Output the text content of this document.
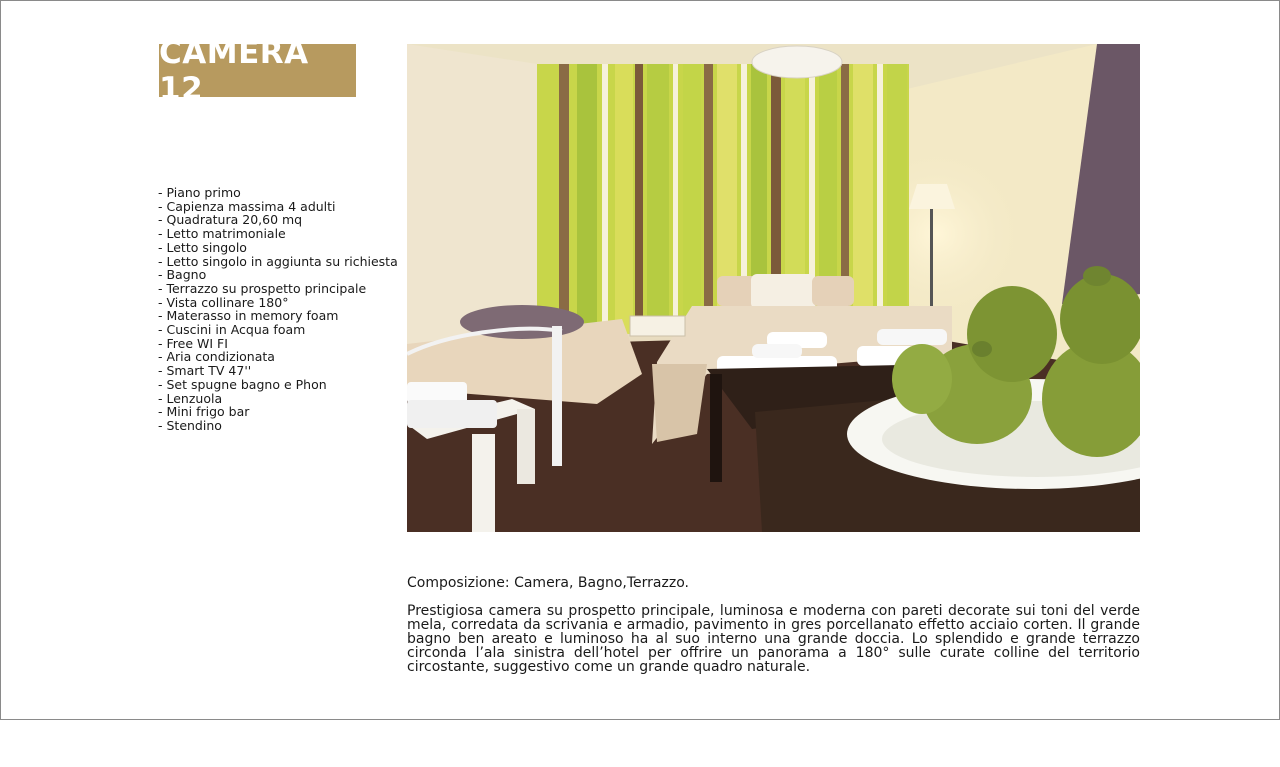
CAMERA 12
- Piano primo
- Capienza massima 4 adulti
- Quadratura 20,60 mq
- Letto matrimoniale
- Letto singolo
- Letto singolo in aggiunta su richiesta
- Bagno
- Terrazzo su prospetto principale
- Vista collinare 180°
- Materasso in memory foam
- Cuscini in Acqua foam
- Free WI FI
- Aria condizionata
- Smart TV 47''
- Set spugne bagno e Phon
- Lenzuola
- Mini frigo bar
- Stendino
Composizione: Camera, Bagno,Terrazzo.

Prestigiosa camera su prospetto principale, luminosa e moderna con pareti decorate sui toni del verde mela, corredata da scrivania e armadio, pavimento in gres porcellanato effetto acciaio corten. Il grande bagno ben areato e luminoso ha al suo interno una grande doccia. Lo splendido e grande terrazzo circonda l’ala sinistra dell’hotel per offrire un panorama a 180° sulle curate colline del territorio circostante, suggestivo come un grande quadro naturale.
